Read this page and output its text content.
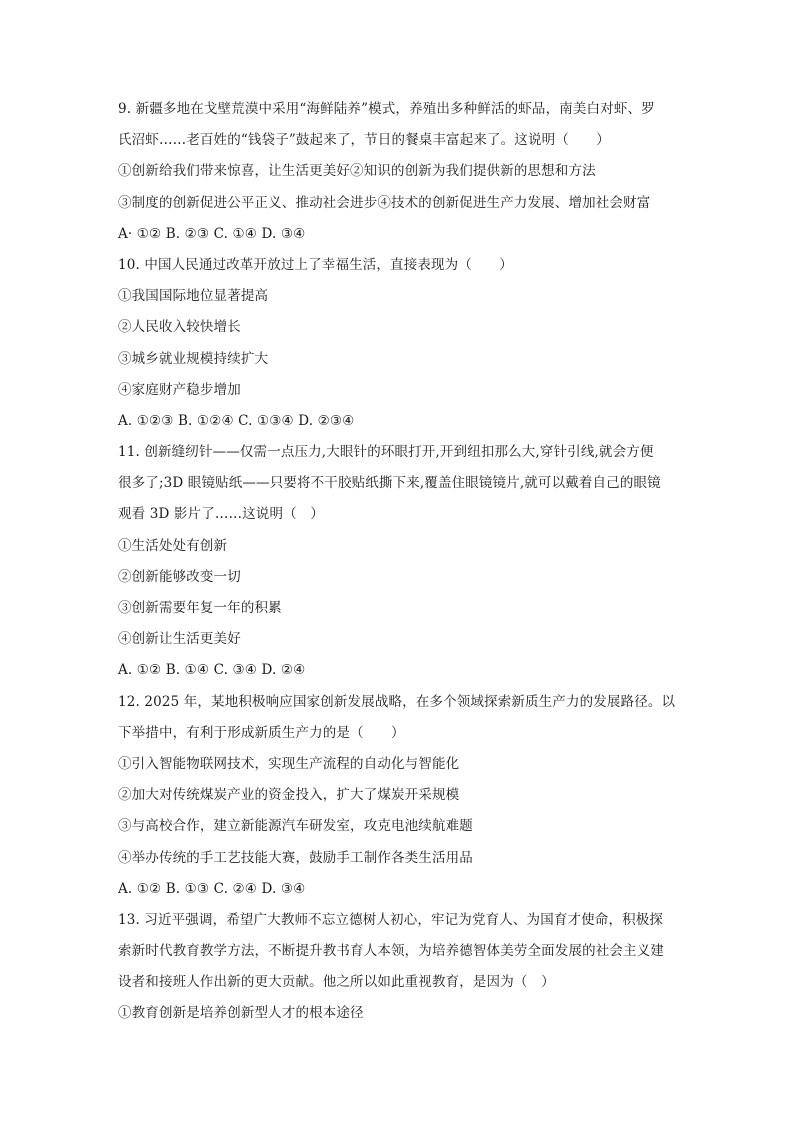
9. 新疆多地在戈壁荒漠中采用“海鲜陆养”模式，养殖出多种鲜活的虾品，南美白对虾、罗
氏沼虾……老百姓的“钱袋子”鼓起来了，节日的餐桌丰富起来了。这说明（　　）
①创新给我们带来惊喜，让生活更美好②知识的创新为我们提供新的思想和方法
③制度的创新促进公平正义、推动社会进步④技术的创新促进生产力发展、增加社会财富
A· ①② B. ②③ C. ①④ D. ③④
10. 中国人民通过改革开放过上了幸福生活，直接表现为（　　）
①我国国际地位显著提高
②人民收入较快增长
③城乡就业规模持续扩大
④家庭财产稳步增加
A. ①②③ B. ①②④ C. ①③④ D. ②③④
11. 创新缝纫针——仅需一点压力,大眼针的环眼打开,开到纽扣那么大,穿针引线,就会方便
很多了;3D 眼镜贴纸——只要将不干胶贴纸撕下来,覆盖住眼镜镜片,就可以戴着自己的眼镜
观看 3D 影片了……这说明（　）
①生活处处有创新
②创新能够改变一切
③创新需要年复一年的积累
④创新让生活更美好
A. ①② B. ①④ C. ③④ D. ②④
12. 2025 年，某地积极响应国家创新发展战略，在多个领域探索新质生产力的发展路径。以
下举措中，有利于形成新质生产力的是（　　）
①引入智能物联网技术，实现生产流程的自动化与智能化
②加大对传统煤炭产业的资金投入，扩大了煤炭开采规模
③与高校合作，建立新能源汽车研发室，攻克电池续航难题
④举办传统的手工艺技能大赛，鼓励手工制作各类生活用品
A. ①② B. ①③ C. ②④ D. ③④
13. 习近平强调，希望广大教师不忘立德树人初心，牢记为党育人、为国育才使命，积极探
索新时代教育教学方法，不断提升教书育人本领，为培养德智体美劳全面发展的社会主义建
设者和接班人作出新的更大贡献。他之所以如此重视教育，是因为（　）
①教育创新是培养创新型人才的根本途径
